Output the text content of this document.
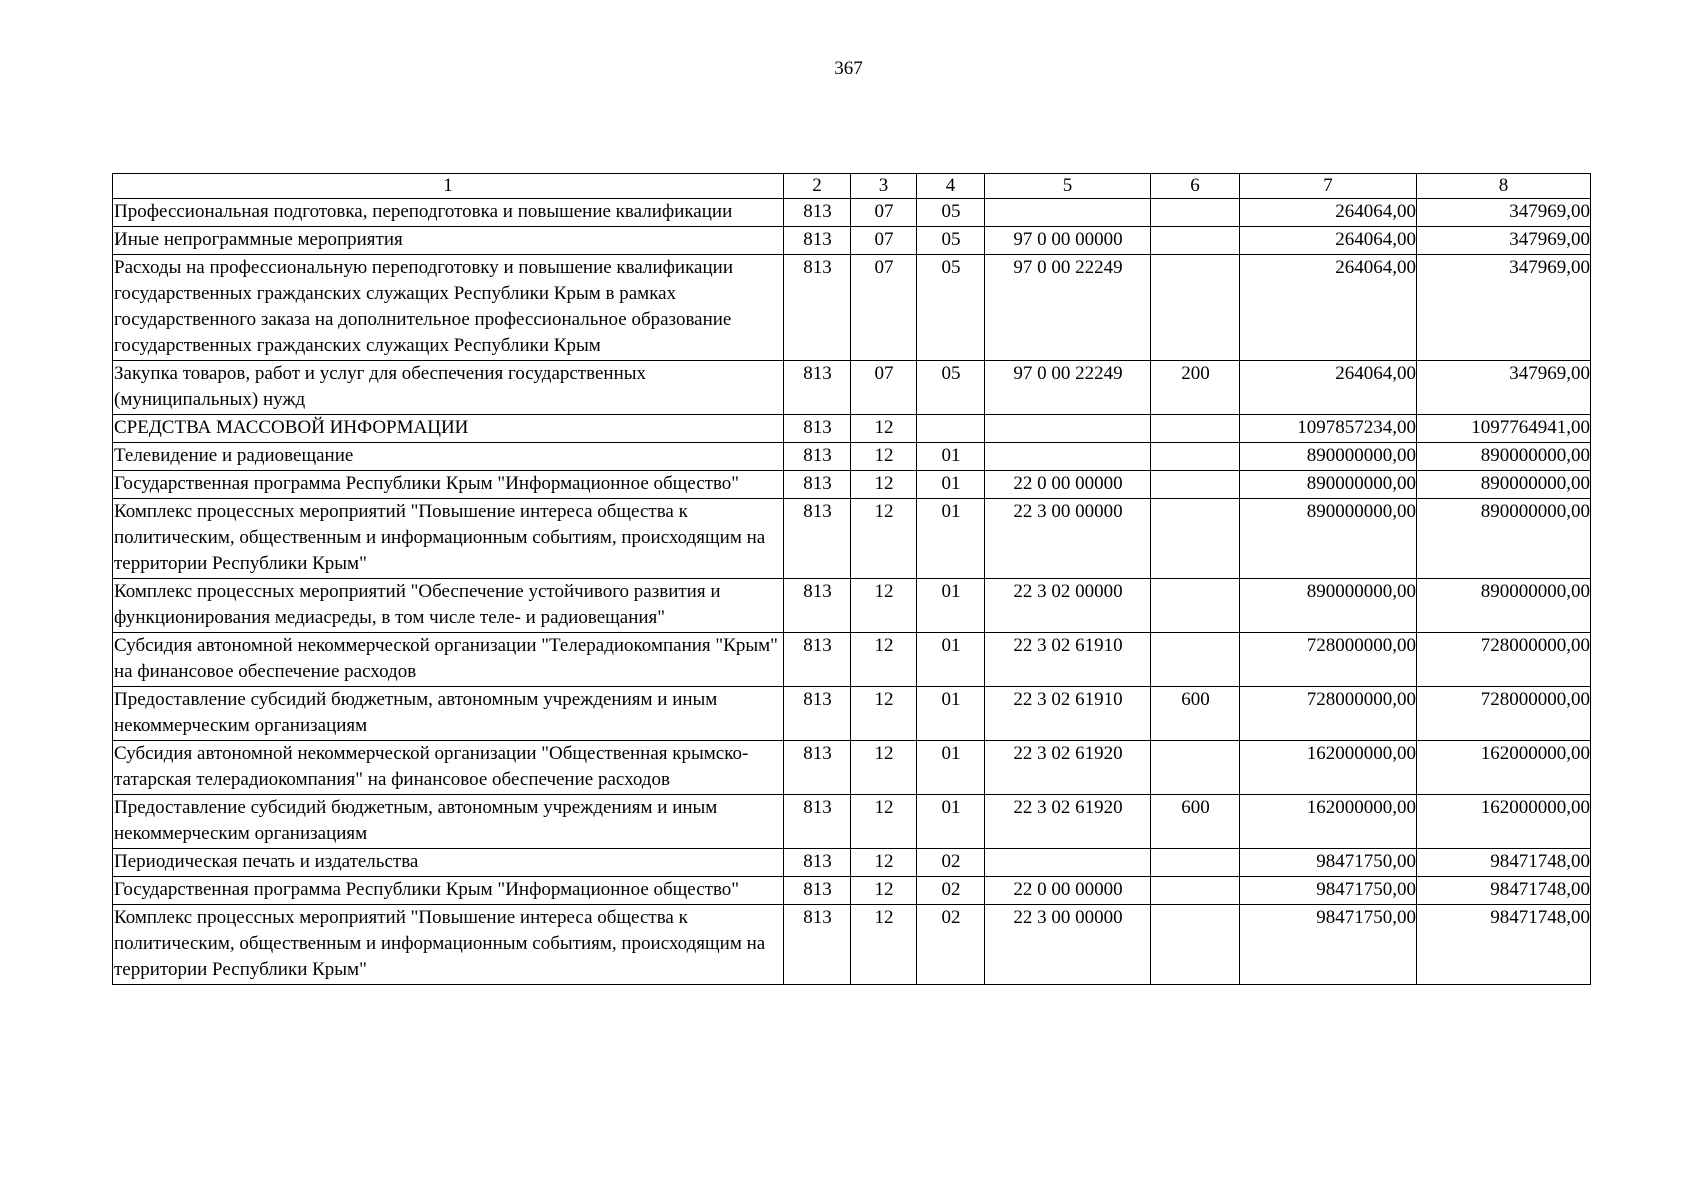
367
1	2	3	4	5	6	7	8
Профессиональная подготовка, переподготовка и повышение квалификации	813	07	05			264064,00	347969,00
Иные непрограммные мероприятия	813	07	05	97 0 00 00000		264064,00	347969,00
Расходы на профессиональную переподготовку и повышение квалификации государственных гражданских служащих Республики Крым в рамках государственного заказа на дополнительное профессиональное образование государственных гражданских служащих Республики Крым	813	07	05	97 0 00 22249		264064,00	347969,00
Закупка товаров, работ и услуг для обеспечения государственных (муниципальных) нужд	813	07	05	97 0 00 22249	200	264064,00	347969,00
СРЕДСТВА МАССОВОЙ ИНФОРМАЦИИ	813	12				1097857234,00	1097764941,00
Телевидение и радиовещание	813	12	01			890000000,00	890000000,00
Государственная программа Республики Крым "Информационное общество"	813	12	01	22 0 00 00000		890000000,00	890000000,00
Комплекс процессных мероприятий "Повышение интереса общества к политическим, общественным и информационным событиям, происходящим на территории Республики Крым"	813	12	01	22 3 00 00000		890000000,00	890000000,00
Комплекс процессных мероприятий "Обеспечение устойчивого развития и функционирования медиасреды, в том числе теле- и радиовещания"	813	12	01	22 3 02 00000		890000000,00	890000000,00
Субсидия автономной некоммерческой организации "Телерадиокомпания "Крым" на финансовое обеспечение расходов	813	12	01	22 3 02 61910		728000000,00	728000000,00
Предоставление субсидий бюджетным, автономным учреждениям и иным некоммерческим организациям	813	12	01	22 3 02 61910	600	728000000,00	728000000,00
Субсидия автономной некоммерческой организации "Общественная крымско-татарская телерадиокомпания" на финансовое обеспечение расходов	813	12	01	22 3 02 61920		162000000,00	162000000,00
Предоставление субсидий бюджетным, автономным учреждениям и иным некоммерческим организациям	813	12	01	22 3 02 61920	600	162000000,00	162000000,00
Периодическая печать и издательства	813	12	02			98471750,00	98471748,00
Государственная программа Республики Крым "Информационное общество"	813	12	02	22 0 00 00000		98471750,00	98471748,00
Комплекс процессных мероприятий "Повышение интереса общества к политическим, общественным и информационным событиям, происходящим на территории Республики Крым"	813	12	02	22 3 00 00000		98471750,00	98471748,00
